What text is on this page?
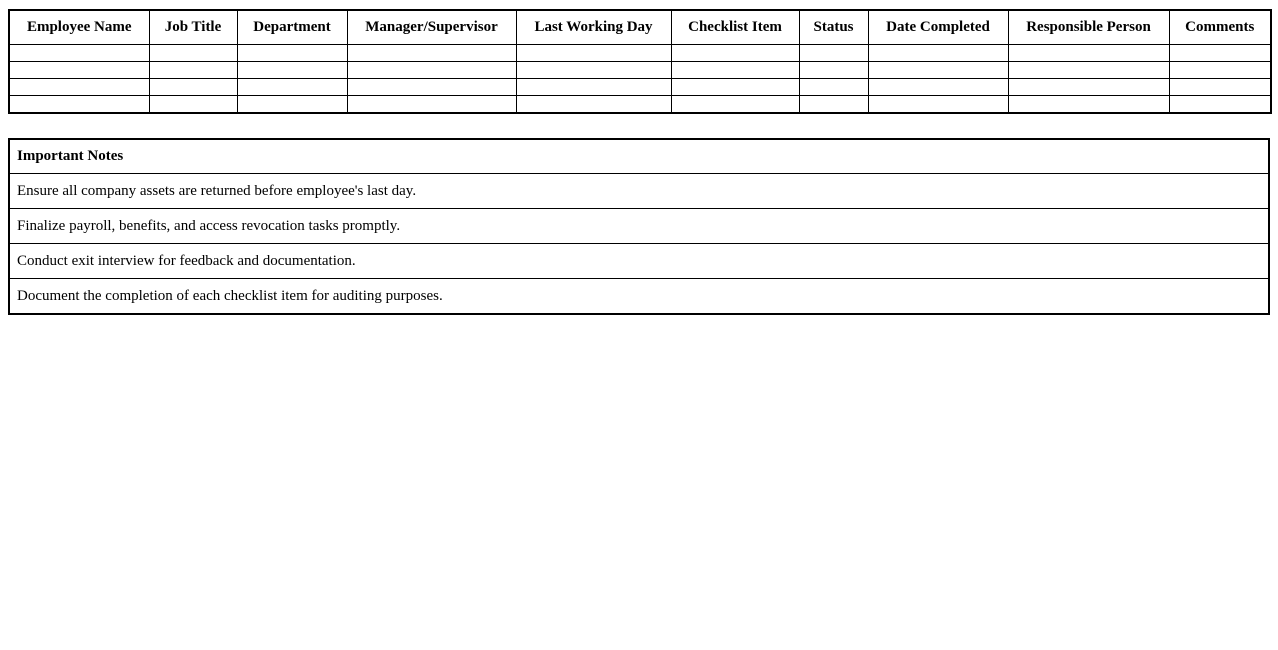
Employee Name	Job Title	Department	Manager/Supervisor	Last Working Day	Checklist Item	Status	Date Completed	Responsible Person	Comments

Important Notes
Ensure all company assets are returned before employee's last day.
Finalize payroll, benefits, and access revocation tasks promptly.
Conduct exit interview for feedback and documentation.
Document the completion of each checklist item for auditing purposes.
